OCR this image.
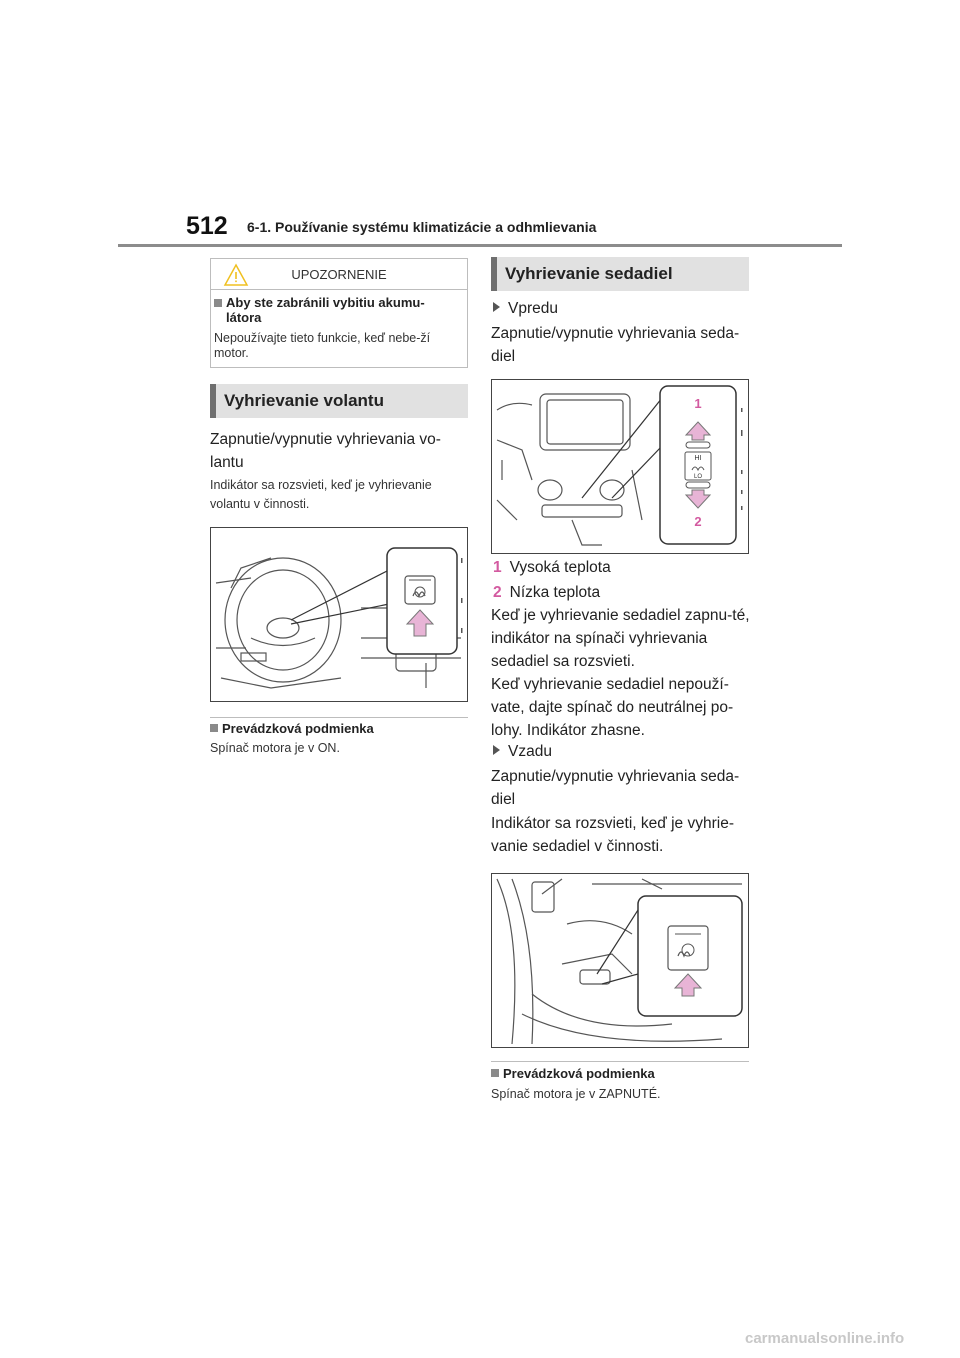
512 6-1. Používanie systému klimatizácie a odhmlievania
UPOZORNENIE
Aby ste zabránili vybitiu akumu-látora
Nepoužívajte tieto funkcie, keď nebe-ží motor.
Vyhrievanie volantu
Zapnutie/vypnutie vyhrievania vo-lantu
Indikátor sa rozsvieti, keď je vyhrievanie volantu v činnosti.
Prevádzková podmienka
Spínač motora je v ON.
Vyhrievanie sedadiel
Vpredu
Zapnutie/vypnutie vyhrievania seda-diel
HI
LO
1
2
1 Vysoká teplota
2 Nízka teplota
Keď je vyhrievanie sedadiel zapnu-té, indikátor na spínači vyhrievania sedadiel sa rozsvieti.
Keď vyhrievanie sedadiel nepouží-vate, dajte spínač do neutrálnej po-lohy. Indikátor zhasne.
Vzadu
Zapnutie/vypnutie vyhrievania seda-diel
Indikátor sa rozsvieti, keď je vyhrie-vanie sedadiel v činnosti.
Prevádzková podmienka
Spínač motora je v ZAPNUTÉ.
carmanualsonline.info
